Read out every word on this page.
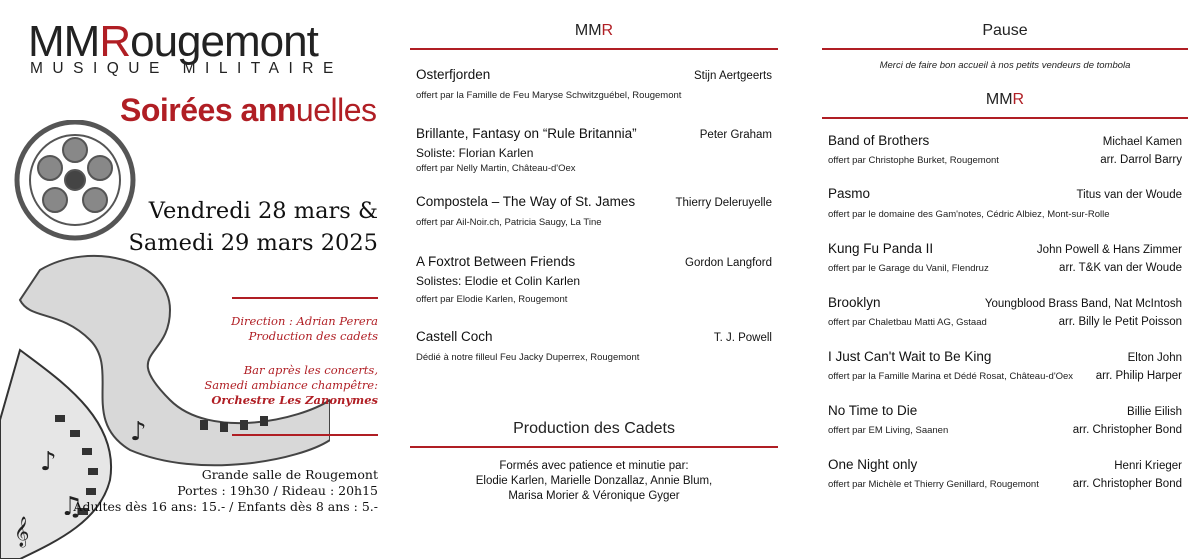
♪
♫
𝄞
♪
MMRougemont
MUSIQUE MILITAIRE
Soirées annuelles
Vendredi 28 mars &
Samedi 29 mars 2025
Direction : Adrian Perera
Production des cadets
Bar après les concerts,
Samedi ambiance champêtre:
Orchestre Les Zanonymes
Grande salle de Rougemont
Portes : 19h30 / Rideau : 20h15
Adultes dès 16 ans: 15.- / Enfants dès 8 ans : 5.-
MMR
Osterfjorden	Stijn Aertgeerts
offert par la Famille de Feu Maryse Schwitzguébel, Rougemont
Brillante, Fantasy on “Rule Britannia”	Peter Graham
Soliste: Florian Karlen
offert par Nelly Martin, Château-d'Oex
Compostela – The Way of St. James	Thierry Deleruyelle
offert par Ail-Noir.ch, Patricia Saugy, La Tine
A Foxtrot Between Friends	Gordon Langford
Solistes: Elodie et Colin Karlen
offert par Elodie Karlen, Rougemont
Castell Coch	T. J. Powell
Dédié à notre filleul Feu Jacky Duperrex, Rougemont
Production des Cadets
Formés avec patience et minutie par:
Elodie Karlen, Marielle Donzallaz, Annie Blum,
Marisa Morier & Véronique Gyger
Pause
Merci de faire bon accueil à nos petits vendeurs de tombola
MMR
Band of Brothers	Michael Kamen
offert par Christophe Burket, Rougemont	arr. Darrol Barry
Pasmo	Titus van der Woude
offert par le domaine des Gam'notes, Cédric Albiez, Mont-sur-Rolle
Kung Fu Panda II	John Powell & Hans Zimmer
offert par le Garage du Vanil, Flendruz	arr. T&K van der Woude
Brooklyn	Youngblood Brass Band, Nat McIntosh
offert par Chaletbau Matti AG, Gstaad	arr. Billy le Petit Poisson
I Just Can't Wait to Be King	Elton John
offert par la Famille Marina et Dédé Rosat, Château-d'Oex arr. Philip Harper
No Time to Die	Billie Eilish
offert par EM Living, Saanen	arr. Christopher Bond
One Night only	Henri Krieger
offert par Michèle et Thierry Genillard, Rougemont	arr. Christopher Bond
